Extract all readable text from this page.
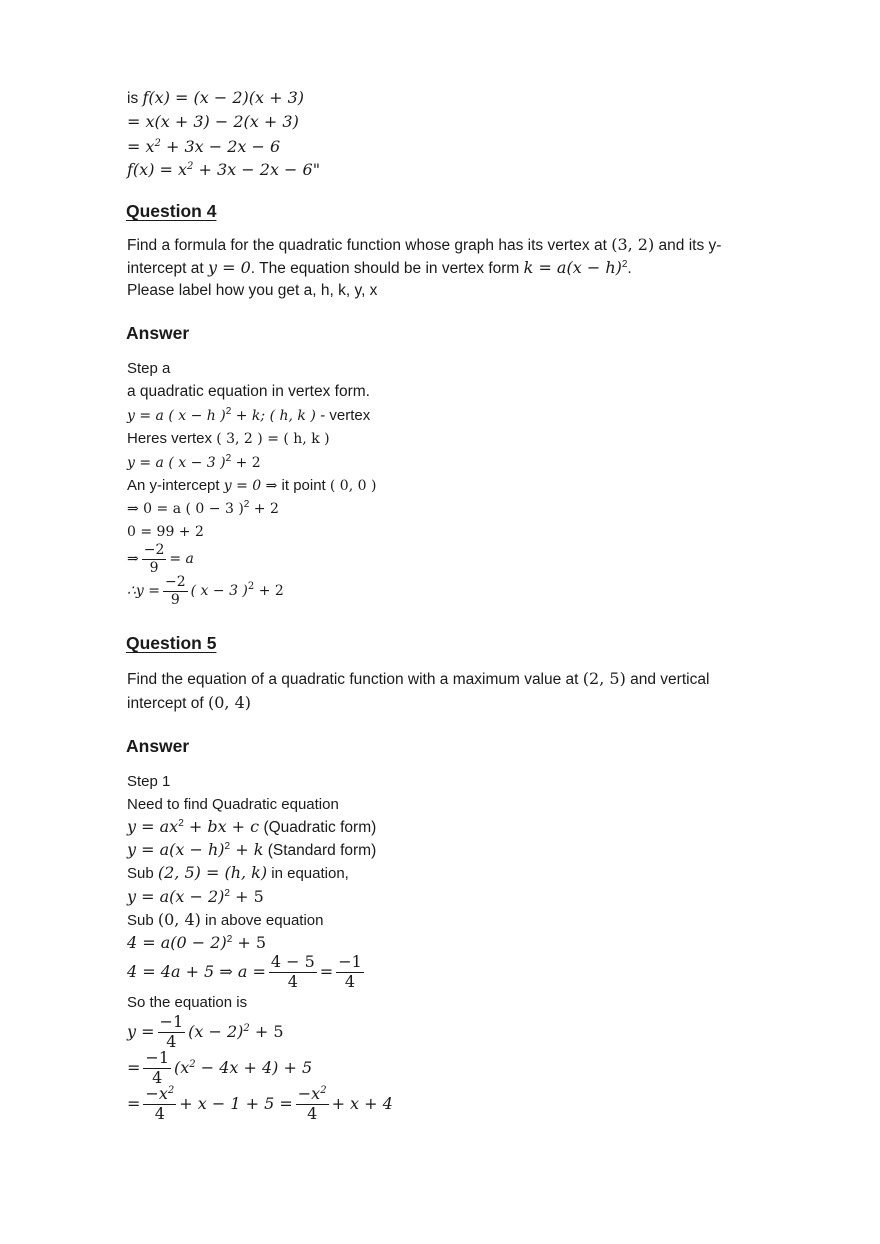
is f(x) = (x − 2)(x + 3)
= x(x + 3) − 2(x + 3)
= $x^2 + 3x - 2x - 6$
$f(x) = x^2 + 3x - 2x - 6$"
Question 4
Find a formula for the quadratic function whose graph has its vertex at (3, 2) and its y-
intercept at y = 0. The equation should be in vertex form $k = a(x - h)^2$.
Please label how you get a, h, k, y, x
Answer
Step a
a quadratic equation in vertex form.
y = a ( x − h )$^2$ + k; ( h, k ) - vertex
Heres vertex ( 3, 2 ) = ( h, k )
y = a ( x − 3 )$^2$ + 2
An y-intercept y = 0 ⇒ it point ( 0, 0 )
⇒ 0 = a ( 0 − 3 )$^2$ + 2
0 = 99 + 2
⇒ $\frac{-2}{9} = a$
∴y = $\frac{-2}{9}$ ( x − 3 )$^2$ + 2
Question 5
Find the equation of a quadratic function with a maximum value at (2, 5) and vertical
intercept of (0, 4)
Answer
Step 1
Need to find Quadratic equation
$y = ax^2$ + bx + c (Quadratic form)
$y = a(x - h)^2 + k$ (Standard form)
Sub (2, 5) = (h, k) in equation,
$y = a(x - 2)^2 + 5$
Sub (0, 4) in above equation
$4 = a(0 - 2)^2 + 5$
4 = 4a + 5 ⇒ $a = \frac{4 - 5}{4} = \frac{-1}{4}$
So the equation is
$y = \frac{-1}{4} (x - 2)^2 + 5$
= $\frac{-1}{4} (x^2 - 4x + 4) + 5$
= $\frac{-x^2}{4} + x - 1 + 5 = \frac{-x^2}{4} + x + 4$
